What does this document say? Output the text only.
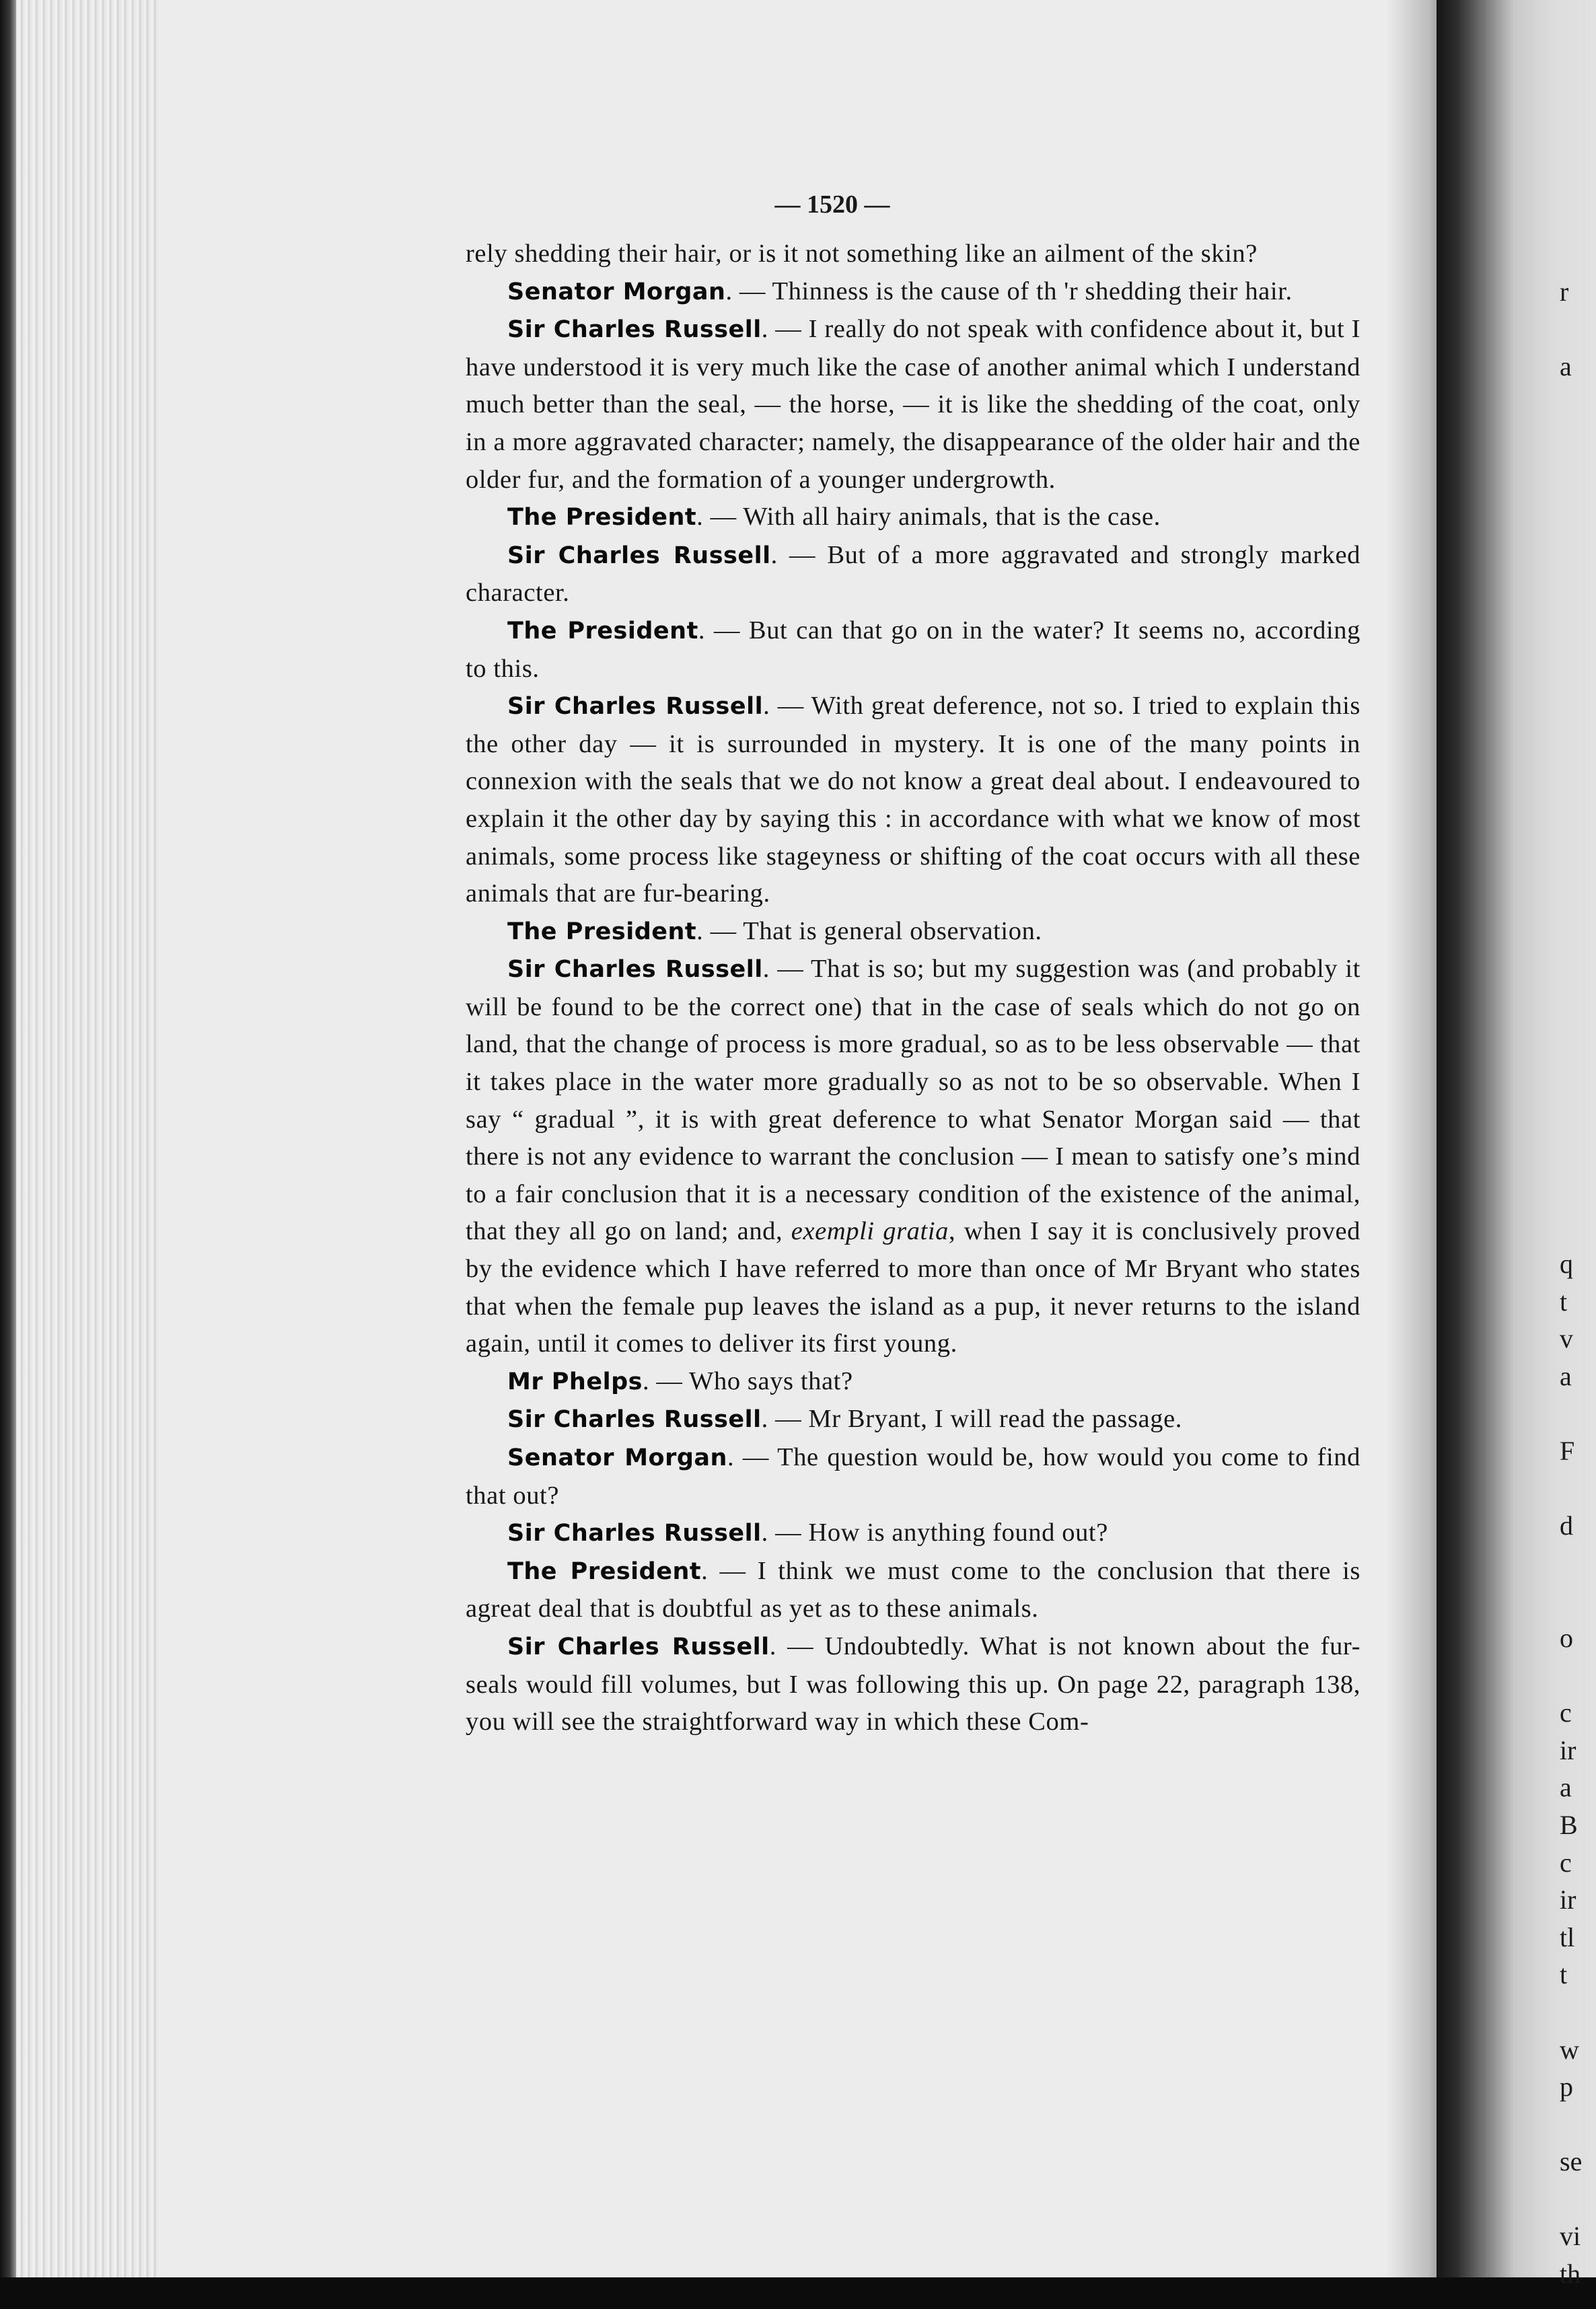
— 1520 —

rely shedding their hair, or is it not something like an ailment of the skin?

Senator Morgan. — Thinness is the cause of th 'r shedding their hair.

Sir Charles Russell. — I really do not speak with confidence about it, but I have understood it is very much like the case of another animal which I understand much better than the seal, — the horse, — it is like the shedding of the coat, only in a more aggravated character; namely, the disappearance of the older hair and the older fur, and the formation of a younger undergrowth.

The President. — With all hairy animals, that is the case.

Sir Charles Russell. — But of a more aggravated and strongly marked character.

The President. — But can that go on in the water? It seems no, according to this.

Sir Charles Russell. — With great deference, not so. I tried to explain this the other day — it is surrounded in mystery. It is one of the many points in connexion with the seals that we do not know a great deal about. I endeavoured to explain it the other day by saying this : in accordance with what we know of most animals, some process like stageyness or shifting of the coat occurs with all these animals that are fur-bearing.

The President. — That is general observation.

Sir Charles Russell. — That is so; but my suggestion was (and probably it will be found to be the correct one) that in the case of seals which do not go on land, that the change of process is more gradual, so as to be less observable — that it takes place in the water more gradually so as not to be so observable. When I say “ gradual ”, it is with great deference to what Senator Morgan said — that there is not any evidence to warrant the conclusion — I mean to satisfy one’s mind to a fair conclusion that it is a necessary condition of the existence of the animal, that they all go on land; and, exempli gratia, when I say it is conclusively proved by the evidence which I have referred to more than once of Mr Bryant who states that when the female pup leaves the island as a pup, it never returns to the island again, until it comes to deliver its first young.

Mr Phelps. — Who says that?

Sir Charles Russell. — Mr Bryant, I will read the passage.

Senator Morgan. — The question would be, how would you come to find that out?

Sir Charles Russell. — How is anything found out?

The President. — I think we must come to the conclusion that there is agreat deal that is doubtful as yet as to these animals.

Sir Charles Russell. — Undoubtedly. What is not known about the fur-seals would fill volumes, but I was following this up. On page 22, paragraph 138, you will see the straightforward way in which these Com-

r
a
q
t
v
a
F
d
o
c
ir
a
B
c
ir
tl
t
w
p
se
vi
th
